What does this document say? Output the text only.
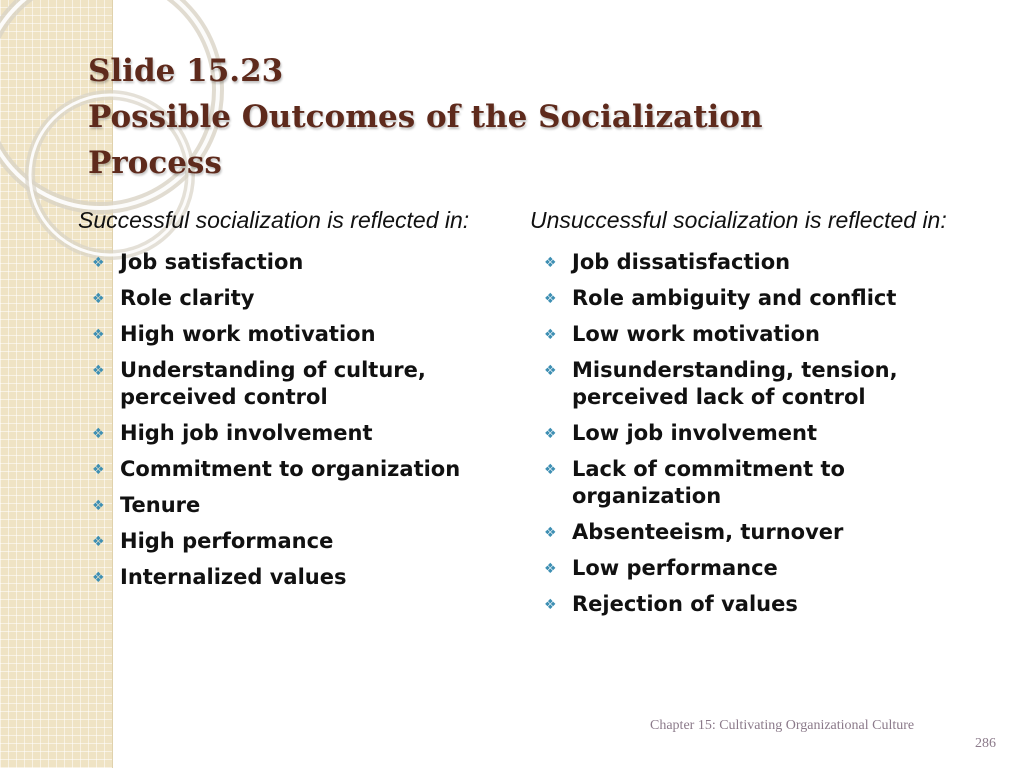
Slide 15.23
Possible Outcomes of the Socialization Process

Successful socialization is reflected in:

❖ Job satisfaction
❖ Role clarity
❖ High work motivation
❖ Understanding of culture, perceived control
❖ High job involvement
❖ Commitment to organization
❖ Tenure
❖ High performance
❖ Internalized values

Unsuccessful socialization is reflected in:

❖ Job dissatisfaction
❖ Role ambiguity and conflict
❖ Low work motivation
❖ Misunderstanding, tension, perceived lack of control
❖ Low job involvement
❖ Lack of commitment to organization
❖ Absenteeism, turnover
❖ Low performance
❖ Rejection of values
Chapter 15: Cultivating Organizational Culture
286
